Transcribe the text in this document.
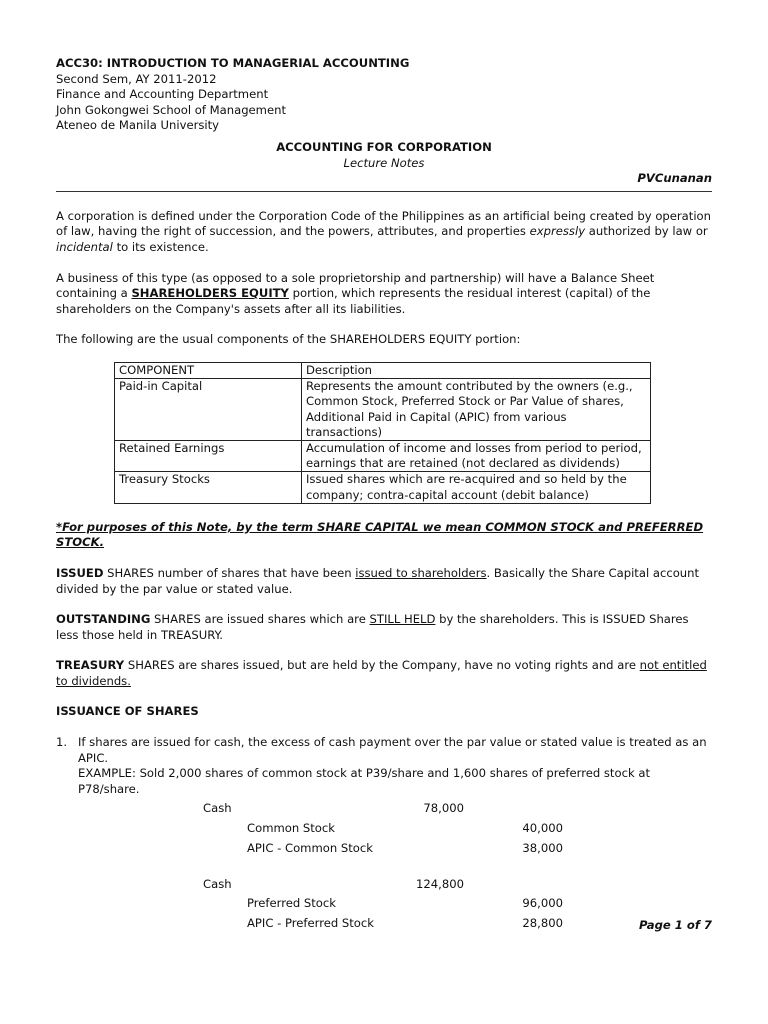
ACC30: INTRODUCTION TO MANAGERIAL ACCOUNTING
Second Sem, AY 2011-2012
Finance and Accounting Department
John Gokongwei School of Management
Ateneo de Manila University
ACCOUNTING FOR CORPORATION
Lecture Notes
PVCunanan

A corporation is defined under the Corporation Code of the Philippines as an artificial being created by operation of law, having the right of succession, and the powers, attributes, and properties expressly authorized by law or incidental to its existence.

A business of this type (as opposed to a sole proprietorship and partnership) will have a Balance Sheet containing a SHAREHOLDERS EQUITY portion, which represents the residual interest (capital) of the shareholders on the Company's assets after all its liabilities.

The following are the usual components of the SHAREHOLDERS EQUITY portion:

COMPONENT	Description
Paid-in Capital	Represents the amount contributed by the owners (e.g., Common Stock, Preferred Stock or Par Value of shares, Additional Paid in Capital (APIC) from various transactions)
Retained Earnings	Accumulation of income and losses from period to period, earnings that are retained (not declared as dividends)
Treasury Stocks	Issued shares which are re-acquired and so held by the company; contra-capital account (debit balance)

*For purposes of this Note, by the term SHARE CAPITAL we mean COMMON STOCK and PREFERRED STOCK.

ISSUED SHARES number of shares that have been issued to shareholders. Basically the Share Capital account divided by the par value or stated value.

OUTSTANDING SHARES are issued shares which are STILL HELD by the shareholders. This is ISSUED Shares less those held in TREASURY.

TREASURY SHARES are shares issued, but are held by the Company, have no voting rights and are not entitled to dividends.

ISSUANCE OF SHARES
1. If shares are issued for cash, the excess of cash payment over the par value or stated value is treated as an APIC.
EXAMPLE: Sold 2,000 shares of common stock at P39/share and 1,600 shares of preferred stock at P78/share.
Cash	78,000
Common Stock	40,000
APIC - Common Stock	38,000
Cash	124,800
Preferred Stock	96,000
APIC - Preferred Stock	28,800	Page 1 of 7
